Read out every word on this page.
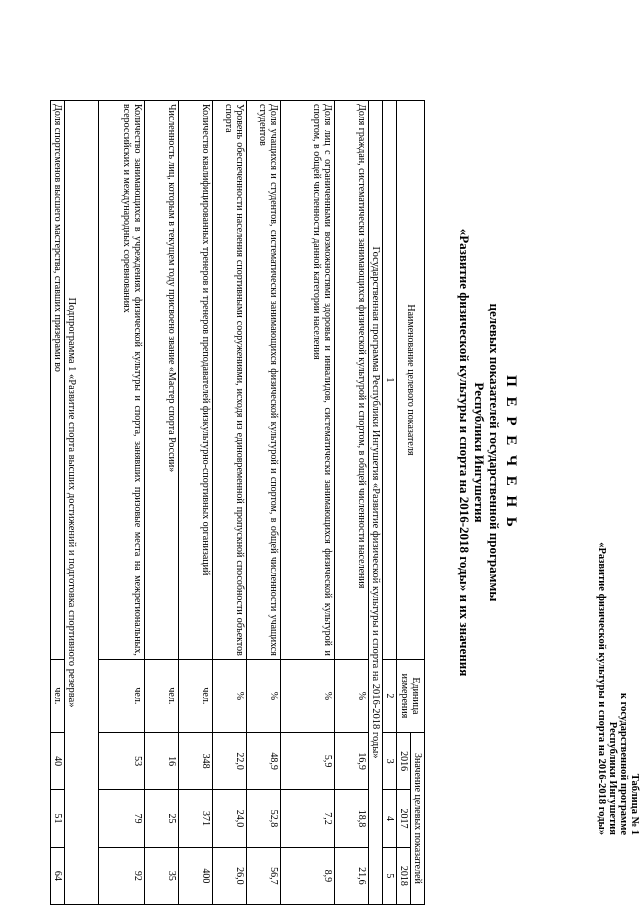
Таблица № 1
к государственной программе
Республики Ингушетия
«Развитие физической культуры и спорта на 2016-2018 годы»
П Е Р Е Ч Е Н Ь
целевых показателей государственной программы
Республики Ингушетия
«Развитие физической культуры и спорта на 2016-2018 годы» и их значения
Наименование целевого показателя	Единица измерения	Значение целевых показателей		
		2016	2017	2018
1	2	3	4	5
Государственная программа Республики Ингушетия «Развитие физической культуры и спорта на 2016-2018 годы»				
Доля граждан, систематически занимающихся физической культурой и спортом, в общей численности населения	%	16,9	18,8	21,6
Доля лиц с ограниченными возможностями здоровья и инвалидов, систематически занимающихся физической культурой и спортом, в общей численности данной категории населения	%	5,9	7,2	8,9
Доля учащихся и студентов, систематически занимающихся физической культурой и спортом, в общей численности учащихся студентов	%	48,9	52,8	56,7
Уровень обеспеченности населения спортивными сооружениями, исходя из единовременной пропускной способности объектов спорта	%	22,0	24,0	26,0
Количество квалифицированных тренеров и тренеров преподавателей физкультурно-спортивных организаций	чел.	348	371	400
Численность лиц, которым в текущем году присвоено звание «Мастер спорта России»	чел.	16	25	35
Количество занимающихся в учреждениях физической культуры и спорта, занявших призовые места на межрегиональных, всероссийских и международных соревнованиях	чел.	53	79	92
Подпрограмма 1 «Развитие спорта высших достижений и подготовка спортивного резерва»				
Доля спортсменов высшего мастерства, ставших призерами во	чел.	40	51	64
